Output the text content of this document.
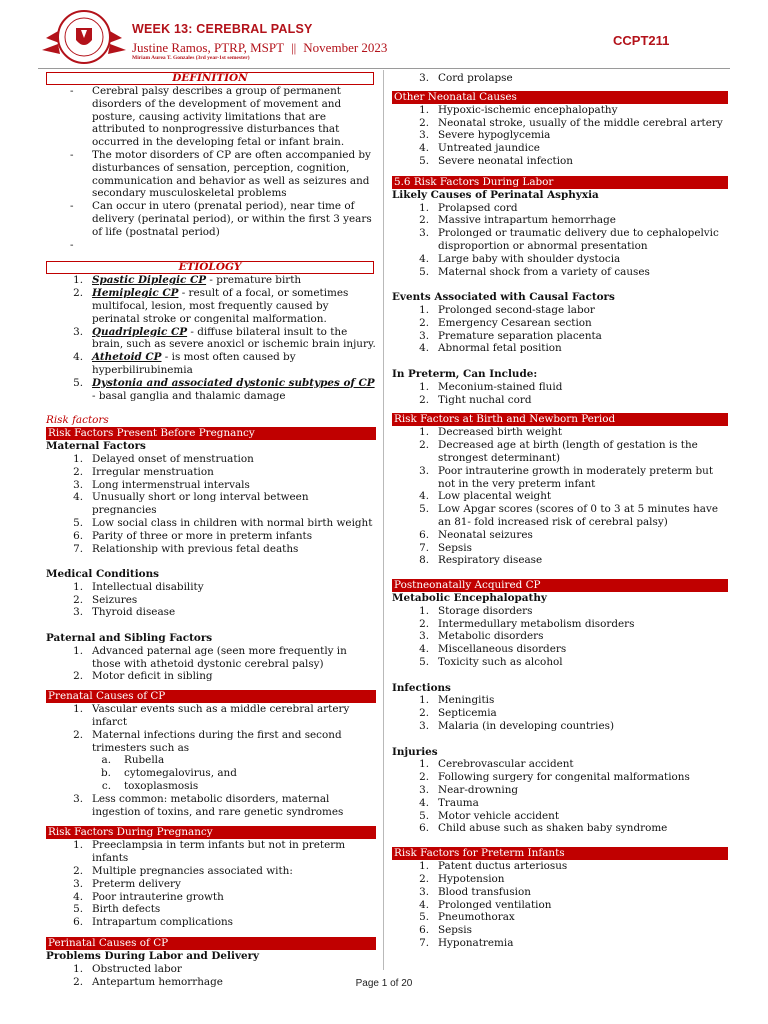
WEEK 13: CEREBRAL PALSY
Justine Ramos, PTRP, MSPT || November 2023
Miriam Aurea T. Gonzales (3rd year-1st semester)
CCPT211
DEFINITION
-	Cerebral palsy describes a group of permanent disorders of the development of movement and posture, causing activity limitations that are attributed to nonprogressive disturbances that occurred in the developing fetal or infant brain.
-	The motor disorders of CP are often accompanied by disturbances of sensation, perception, cognition, communication and behavior as well as seizures and secondary musculoskeletal problems
-	Can occur in utero (prenatal period), near time of delivery (perinatal period), or within the first 3 years of life (postnatal period)
-
ETIOLOGY
1. Spastic Diplegic CP - premature birth
2. Hemiplegic CP - result of a focal, or sometimes multifocal, lesion, most frequently caused by perinatal stroke or congenital malformation.
3. Quadriplegic CP - diffuse bilateral insult to the brain, such as severe anoxicl or ischemic brain injury.
4. Athetoid CP - is most often caused by hyperbilirubinemia
5. Dystonia and associated dystonic subtypes of CP - basal ganglia and thalamic damage
Risk factors
Risk Factors Present Before Pregnancy
Maternal Factors
1. Delayed onset of menstruation
2. Irregular menstruation
3. Long intermenstrual intervals
4. Unusually short or long interval between pregnancies
5. Low social class in children with normal birth weight
6. Parity of three or more in preterm infants
7. Relationship with previous fetal deaths
Medical Conditions
1. Intellectual disability
2. Seizures
3. Thyroid disease
Paternal and Sibling Factors
1. Advanced paternal age (seen more frequently in those with athetoid dystonic cerebral palsy)
2. Motor deficit in sibling
Prenatal Causes of CP
1. Vascular events such as a middle cerebral artery infarct
2. Maternal infections during the first and second trimesters such as
a.	Rubella
b.	cytomegalovirus, and
c.	toxoplasmosis
3. Less common: metabolic disorders, maternal ingestion of toxins, and rare genetic syndromes
Risk Factors During Pregnancy
1. Preeclampsia in term infants but not in preterm infants
2. Multiple pregnancies associated with:
3. Preterm delivery
4. Poor intrauterine growth
5. Birth defects
6. Intrapartum complications
Perinatal Causes of CP
Problems During Labor and Delivery
1. Obstructed labor
2. Antepartum hemorrhage
3. Cord prolapse
Other Neonatal Causes
1. Hypoxic-ischemic encephalopathy
2. Neonatal stroke, usually of the middle cerebral artery
3. Severe hypoglycemia
4. Untreated jaundice
5. Severe neonatal infection
5.6 Risk Factors During Labor
Likely Causes of Perinatal Asphyxia
1. Prolapsed cord
2. Massive intrapartum hemorrhage
3. Prolonged or traumatic delivery due to cephalopelvic disproportion or abnormal presentation
4. Large baby with shoulder dystocia
5. Maternal shock from a variety of causes
Events Associated with Causal Factors
1. Prolonged second-stage labor
2. Emergency Cesarean section
3. Premature separation placenta
4. Abnormal fetal position
In Preterm, Can Include:
1. Meconium-stained fluid
2. Tight nuchal cord
Risk Factors at Birth and Newborn Period
1. Decreased birth weight
2. Decreased age at birth (length of gestation is the strongest determinant)
3. Poor intrauterine growth in moderately preterm but not in the very preterm infant
4. Low placental weight
5. Low Apgar scores (scores of 0 to 3 at 5 minutes have an 81- fold increased risk of cerebral palsy)
6. Neonatal seizures
7. Sepsis
8. Respiratory disease
Postneonatally Acquired CP
Metabolic Encephalopathy
1. Storage disorders
2. Intermedullary metabolism disorders
3. Metabolic disorders
4. Miscellaneous disorders
5. Toxicity such as alcohol
Infections
1. Meningitis
2. Septicemia
3. Malaria (in developing countries)
Injuries
1. Cerebrovascular accident
2. Following surgery for congenital malformations
3. Near-drowning
4. Trauma
5. Motor vehicle accident
6. Child abuse such as shaken baby syndrome
Risk Factors for Preterm Infants
1. Patent ductus arteriosus
2. Hypotension
3. Blood transfusion
4. Prolonged ventilation
5. Pneumothorax
6. Sepsis
7. Hyponatremia
Page 1 of 20
